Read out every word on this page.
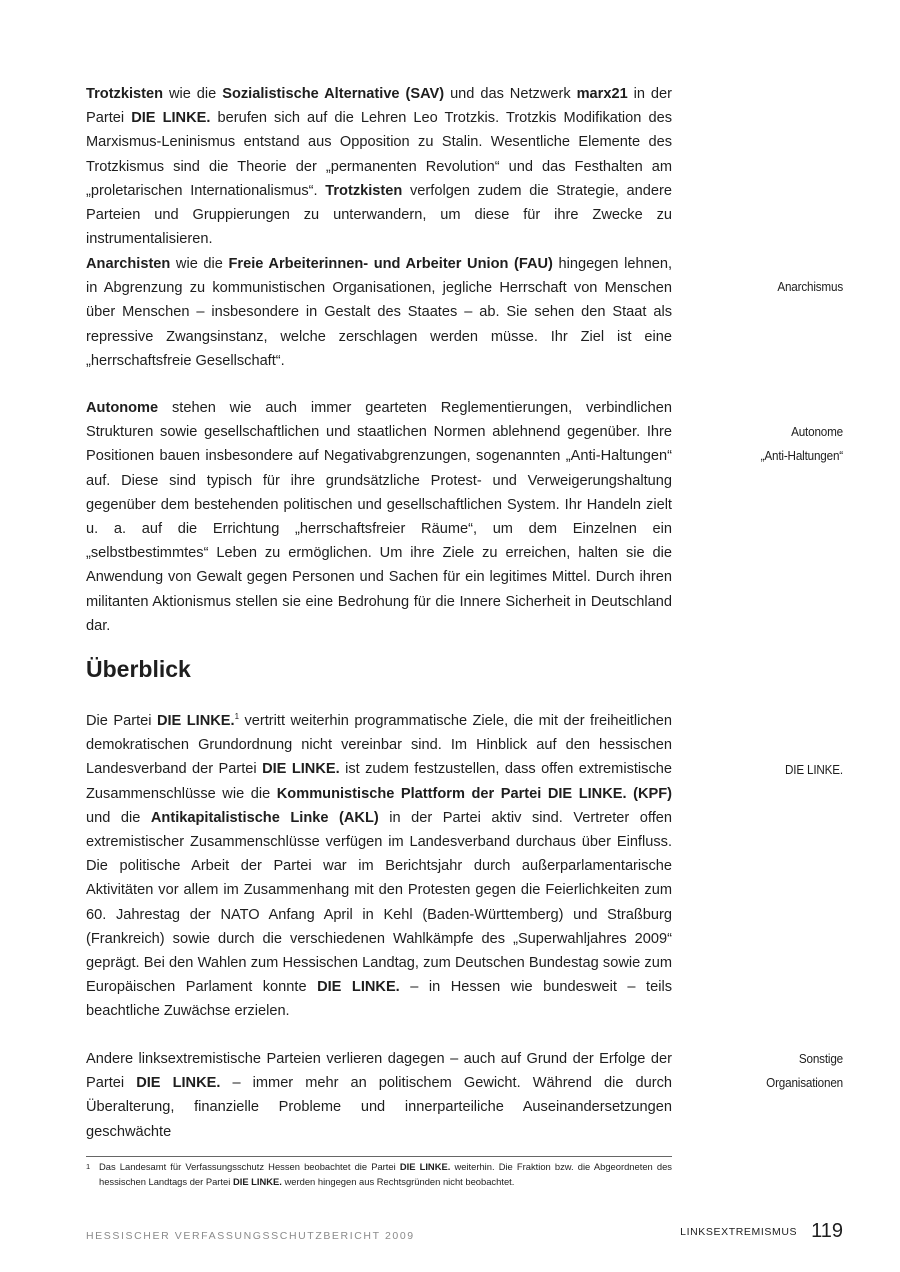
Trotzkisten wie die Sozialistische Alternative (SAV) und das Netzwerk marx21 in der Partei DIE LINKE. berufen sich auf die Lehren Leo Trotzkis. Trotzkis Modifikation des Marxismus-Leninismus entstand aus Opposition zu Stalin. Wesentliche Elemente des Trotzkismus sind die Theorie der „permanenten Revolution“ und das Festhalten am „proletarischen Internationalismus“. Trotzkisten verfolgen zudem die Strategie, andere Parteien und Gruppierungen zu unterwandern, um diese für ihre Zwecke zu instrumentalisieren.

Anarchisten wie die Freie Arbeiterinnen- und Arbeiter Union (FAU) hingegen lehnen, in Abgrenzung zu kommunistischen Organisationen, jegliche Herrschaft von Menschen über Menschen – insbesondere in Gestalt des Staates – ab. Sie sehen den Staat als repressive Zwangsinstanz, welche zerschlagen werden müsse. Ihr Ziel ist eine „herrschaftsfreie Gesellschaft“.

Autonome stehen wie auch immer gearteten Reglementierungen, verbindlichen Strukturen sowie gesellschaftlichen und staatlichen Normen ablehnend gegenüber. Ihre Positionen bauen insbesondere auf Negativabgrenzungen, sogenannten „Anti-Haltungen“ auf. Diese sind typisch für ihre grundsätzliche Protest- und Verweigerungshaltung gegenüber dem bestehenden politischen und gesellschaftlichen System. Ihr Handeln zielt u. a. auf die Errichtung „herrschaftsfreier Räume“, um dem Einzelnen ein „selbstbestimmtes“ Leben zu ermöglichen. Um ihre Ziele zu erreichen, halten sie die Anwendung von Gewalt gegen Personen und Sachen für ein legitimes Mittel. Durch ihren militanten Aktionismus stellen sie eine Bedrohung für die Innere Sicherheit in Deutschland dar.

Überblick

Die Partei DIE LINKE.$^1$ vertritt weiterhin programmatische Ziele, die mit der freiheitlichen demokratischen Grundordnung nicht vereinbar sind. Im Hinblick auf den hessischen Landesverband der Partei DIE LINKE. ist zudem festzustellen, dass offen extremistische Zusammenschlüsse wie die Kommunistische Plattform der Partei DIE LINKE. (KPF) und die Antikapitalistische Linke (AKL) in der Partei aktiv sind. Vertreter offen extremistischer Zusammenschlüsse verfügen im Landesverband durchaus über Einfluss. Die politische Arbeit der Partei war im Berichtsjahr durch außerparlamentarische Aktivitäten vor allem im Zusammenhang mit den Protesten gegen die Feierlichkeiten zum 60. Jahrestag der NATO Anfang April in Kehl (Baden-Württemberg) und Straßburg (Frankreich) sowie durch die verschiedenen Wahlkämpfe des „Superwahljahres 2009“ geprägt. Bei den Wahlen zum Hessischen Landtag, zum Deutschen Bundestag sowie zum Europäischen Parlament konnte DIE LINKE. – in Hessen wie bundesweit – teils beachtliche Zuwächse erzielen.

Andere linksextremistische Parteien verlieren dagegen – auch auf Grund der Erfolge der Partei DIE LINKE. – immer mehr an politischem Gewicht. Während die durch Überalterung, finanzielle Probleme und innerparteiliche Auseinandersetzungen geschwächte

Anarchismus
Autonome
„Anti-Haltungen“
DIE LINKE.
Sonstige
Organisationen
1 Das Landesamt für Verfassungsschutz Hessen beobachtet die Partei DIE LINKE. weiterhin. Die Fraktion bzw. die Abgeordneten des hessischen Landtags der Partei DIE LINKE. werden hingegen aus Rechtsgründen nicht beobachtet.
HESSISCHER VERFASSUNGSSCHUTZBERICHT 2009	LINKSEXTREMISMUS 119
